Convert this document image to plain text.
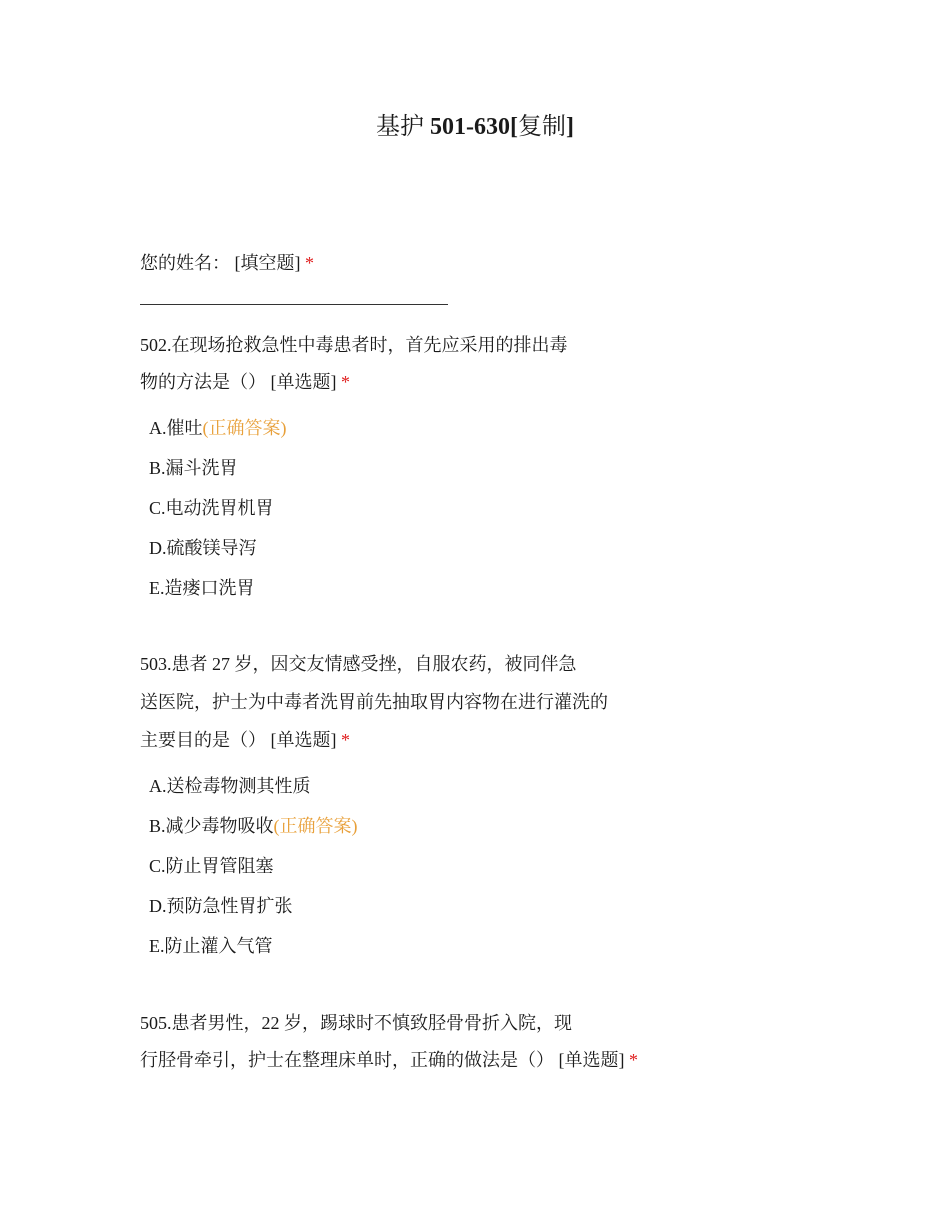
基护 501-630[复制]

您的姓名： [填空题] *

502.在现场抢救急性中毒患者时，首先应采用的排出毒

物的方法是（） [单选题] *

A.催吐(正确答案)
B.漏斗洗胃
C.电动洗胃机胃
D.硫酸镁导泻
E.造瘘口洗胃

503.患者 27 岁，因交友情感受挫，自服农药，被同伴急

送医院，护士为中毒者洗胃前先抽取胃内容物在进行灌洗的

主要目的是（） [单选题] *

A.送检毒物测其性质
B.减少毒物吸收(正确答案)
C.防止胃管阻塞
D.预防急性胃扩张
E.防止灌入气管

505.患者男性，22 岁，踢球时不慎致胫骨骨折入院，现

行胫骨牵引，护士在整理床单时，正确的做法是（） [单选题] *
